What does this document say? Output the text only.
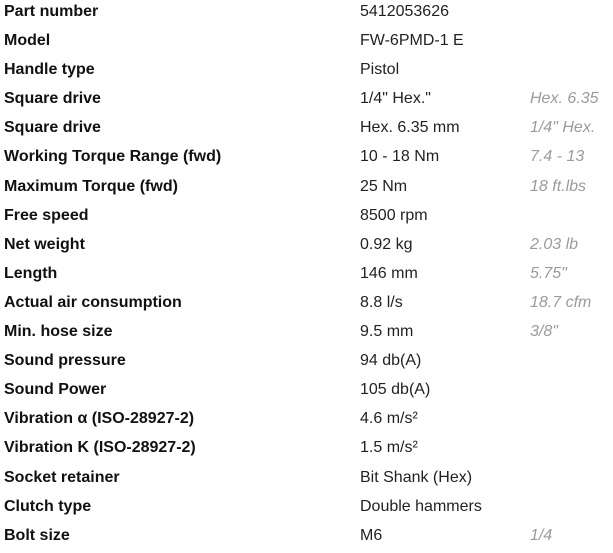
Part number	5412053626
Model	FW-6PMD-1 E
Handle type	Pistol
Square drive	1/4" Hex."	Hex. 6.35
Square drive	Hex. 6.35 mm	1/4" Hex.
Working Torque Range (fwd)	10 - 18 Nm	7.4 - 13
Maximum Torque (fwd)	25 Nm	18 ft.lbs
Free speed	8500 rpm
Net weight	0.92 kg	2.03 lb
Length	146 mm	5.75"
Actual air consumption	8.8 l/s	18.7 cfm
Min. hose size	9.5 mm	3/8"
Sound pressure	94 db(A)
Sound Power	105 db(A)
Vibration α (ISO-28927-2)	4.6 m/s²
Vibration K (ISO-28927-2)	1.5 m/s²
Socket retainer	Bit Shank (Hex)
Clutch type	Double hammers
Bolt size	M6	1/4
